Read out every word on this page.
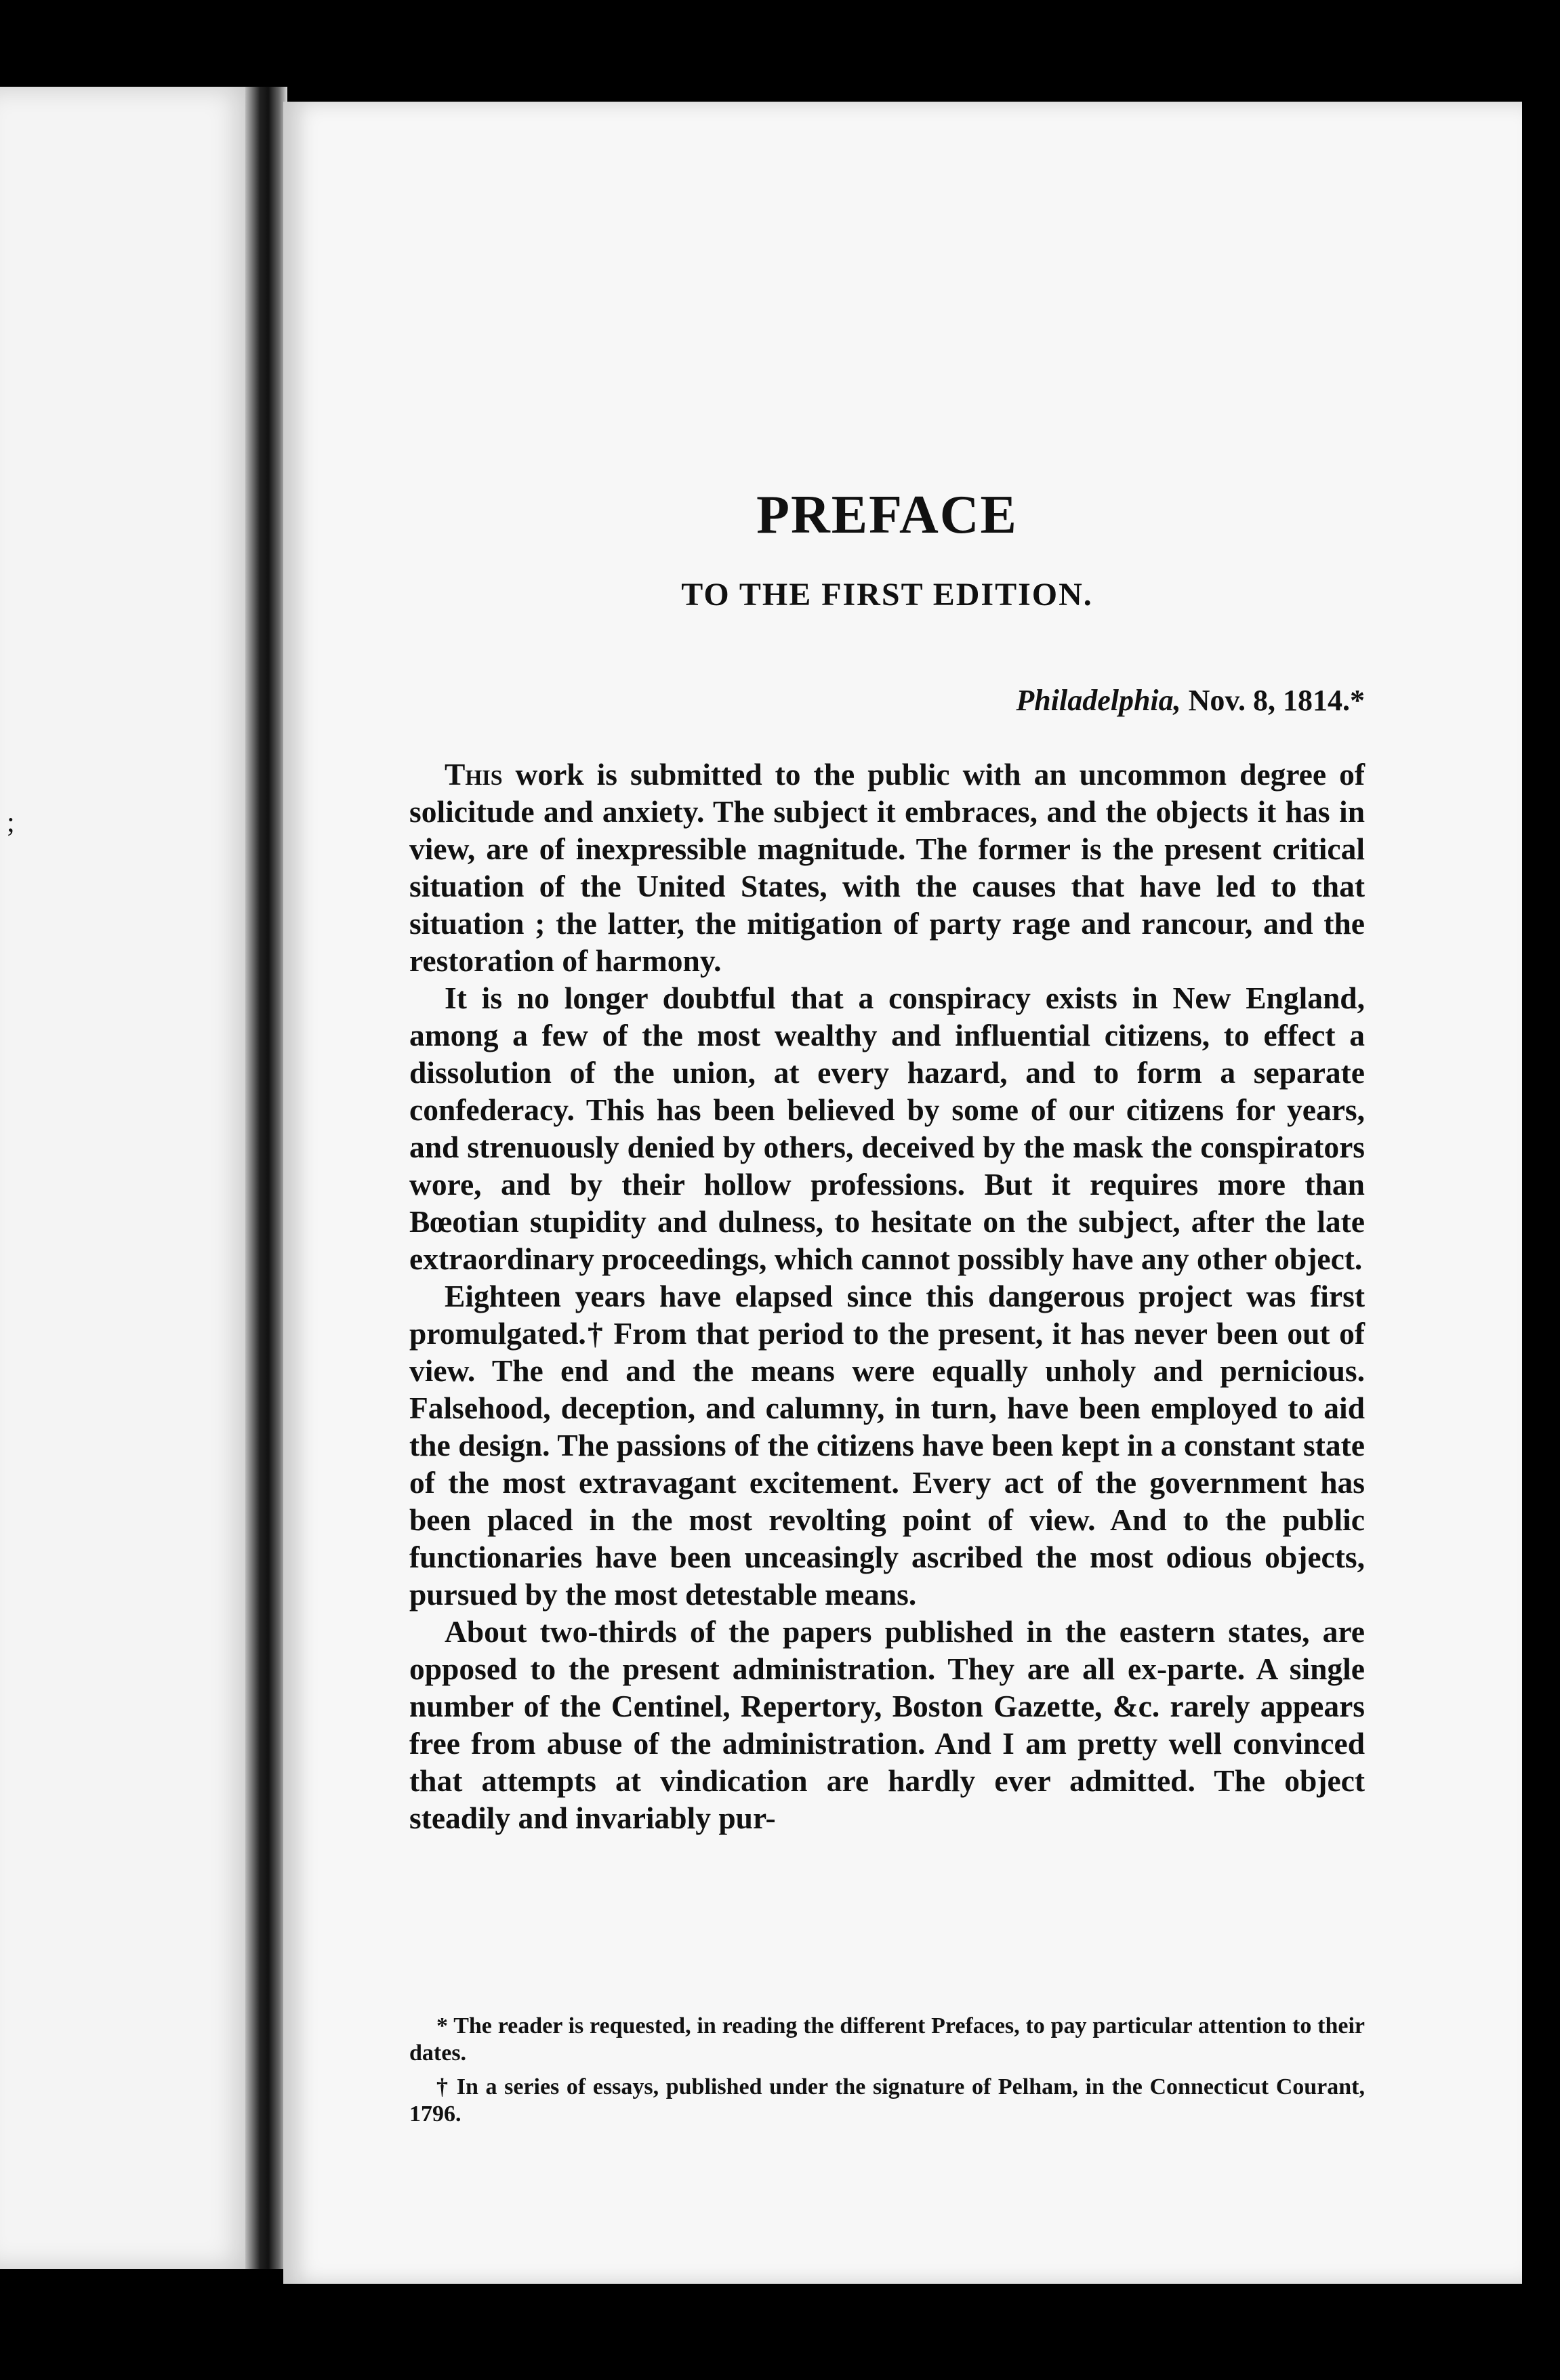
;
PREFACE
TO THE FIRST EDITION.
Philadelphia, Nov. 8, 1814.*

This work is submitted to the public with an uncommon degree of solicitude and anxiety. The subject it embraces, and the objects it has in view, are of inexpressible magnitude. The former is the present critical situation of the United States, with the causes that have led to that situation ; the latter, the mitigation of party rage and rancour, and the restoration of harmony.

It is no longer doubtful that a conspiracy exists in New England, among a few of the most wealthy and influential citizens, to effect a dissolution of the union, at every hazard, and to form a separate confederacy. This has been believed by some of our citizens for years, and strenuously denied by others, deceived by the mask the conspirators wore, and by their hollow professions. But it requires more than Bœotian stupidity and dulness, to hesitate on the subject, after the late extraordinary proceedings, which cannot possibly have any other object.

Eighteen years have elapsed since this dangerous project was first promulgated.† From that period to the present, it has never been out of view. The end and the means were equally unholy and pernicious. Falsehood, deception, and calumny, in turn, have been employed to aid the design. The passions of the citizens have been kept in a constant state of the most extravagant excitement. Every act of the government has been placed in the most revolting point of view. And to the public functionaries have been unceasingly ascribed the most odious objects, pursued by the most detestable means.

About two-thirds of the papers published in the eastern states, are opposed to the present administration. They are all ex-parte. A single number of the Centinel, Repertory, Boston Gazette, &c. rarely appears free from abuse of the administration. And I am pretty well convinced that attempts at vindication are hardly ever admitted. The object steadily and invariably pur-

* The reader is requested, in reading the different Prefaces, to pay particular attention to their dates.

† In a series of essays, published under the signature of Pelham, in the Connecticut Courant, 1796.
